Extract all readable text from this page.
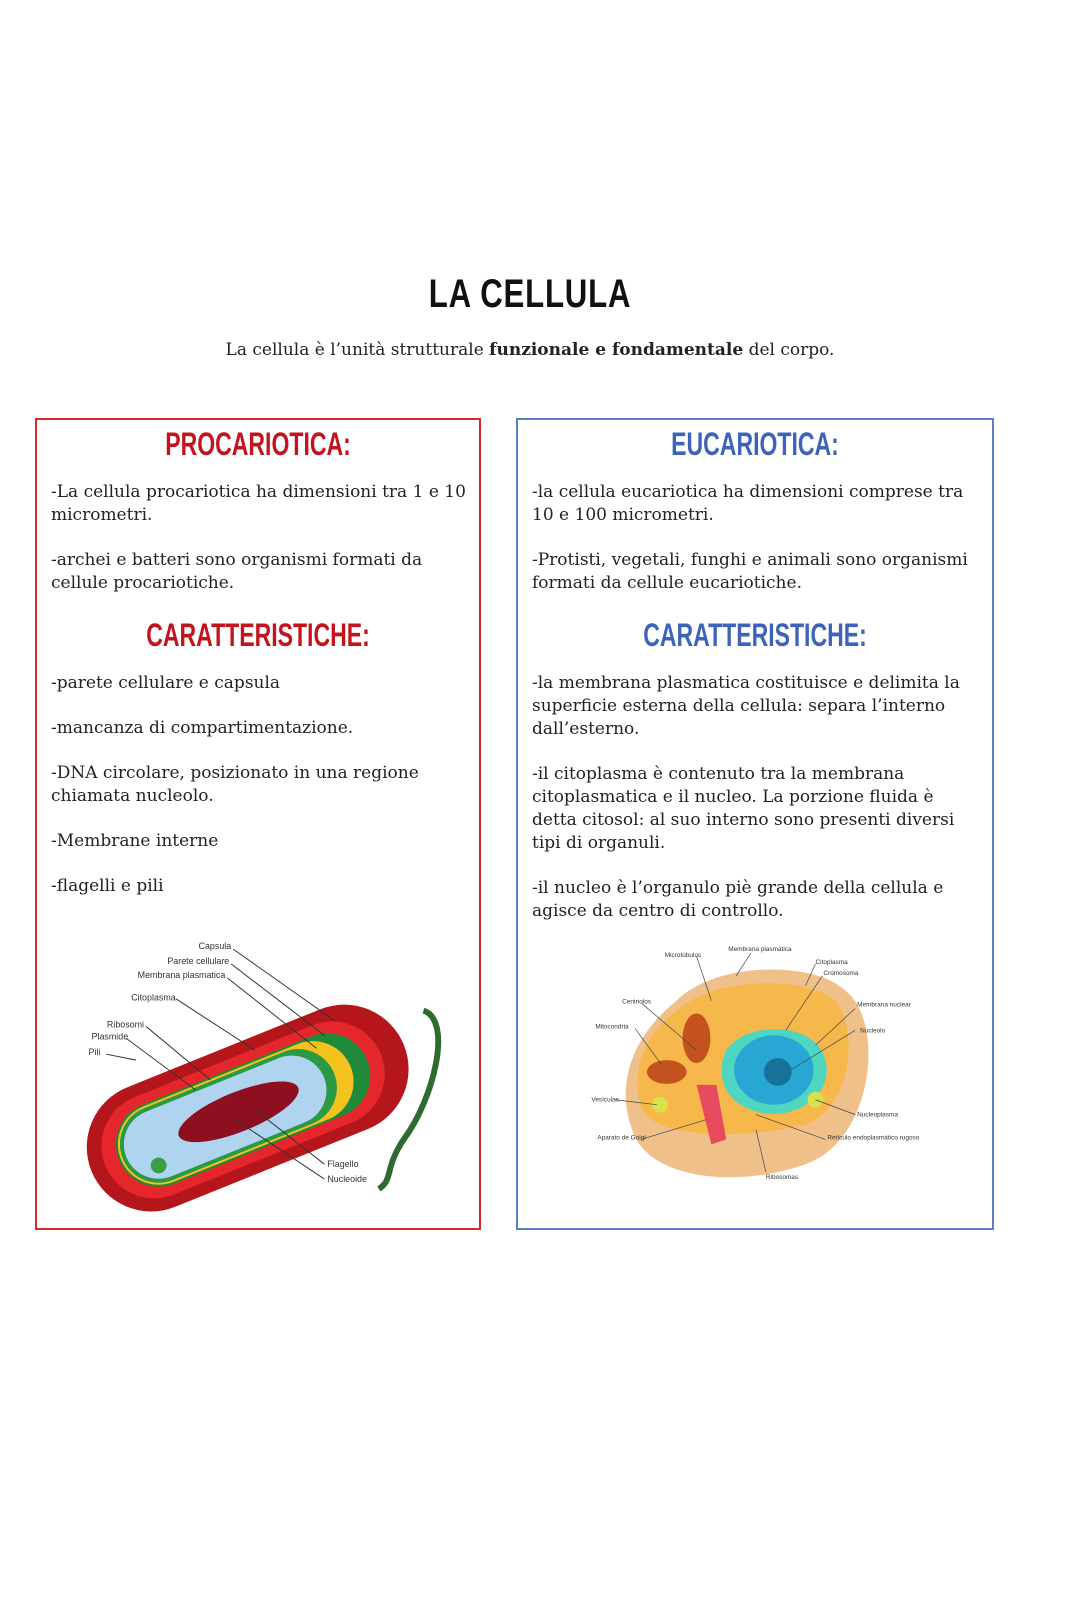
LA CELLULA
La cellula è l’unità strutturale funzionale e fondamentale del corpo.
PROCARIOTICA:
-La cellula procariotica ha dimensioni tra 1 e 10 micrometri.
-archei e batteri sono organismi formati da cellule procariotiche.
CARATTERISTICHE:
-parete cellulare e capsula
-mancanza di compartimentazione.
-DNA circolare, posizionato in una regione chiamata nucleolo.
-Membrane interne
-flagelli e pili
Capsula
Parete cellulare
Membrana plasmatica
Citoplasma
Ribosomi
Plasmide
Pili
Flagello
Nucleoide
EUCARIOTICA:
-la cellula eucariotica ha dimensioni comprese tra 10 e 100 micrometri.
-Protisti, vegetali, funghi e animali sono organismi formati da cellule eucariotiche.
CARATTERISTICHE:
-la membrana plasmatica costituisce e delimita la superficie esterna della cellula: separa l’interno dall’esterno.
-il citoplasma è contenuto tra la membrana citoplasmatica e il nucleo. La porzione fluida è detta citosol: al suo interno sono presenti diversi tipi di organuli.
-il nucleo è l’organulo piè grande della cellula e agisce da centro di controllo.
Microtùbulos
Membrana plasmática
Citoplasma
Cromosoma
Centriolos	Membrana nuclear
Mitocondria
Nucleolo
Vesículas
Nucleoplasma
Aparato de Golgi	Retículo endoplasmático rugoso
Ribosomas
